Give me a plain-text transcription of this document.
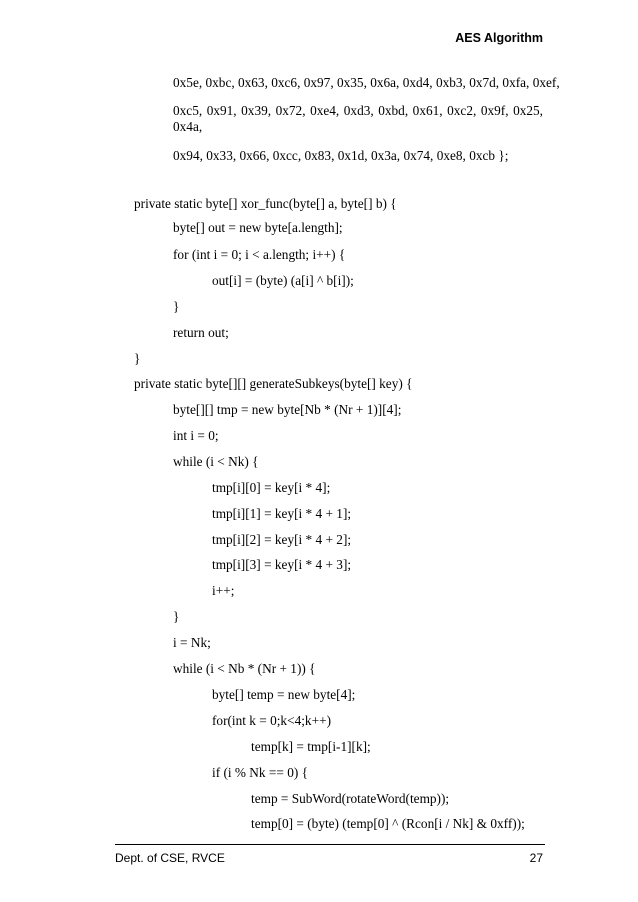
AES Algorithm
0x5e, 0xbc, 0x63, 0xc6, 0x97, 0x35, 0x6a, 0xd4, 0xb3, 0x7d, 0xfa, 0xef,
0xc5, 0x91, 0x39, 0x72, 0xe4, 0xd3, 0xbd, 0x61, 0xc2, 0x9f, 0x25,
0x4a,
0x94, 0x33, 0x66, 0xcc, 0x83, 0x1d, 0x3a, 0x74, 0xe8, 0xcb };
private static byte[] xor_func(byte[] a, byte[] b) {
byte[] out = new byte[a.length];
for (int i = 0; i < a.length; i++) {
out[i] = (byte) (a[i] ^ b[i]);
}
return out;
}
private static byte[][] generateSubkeys(byte[] key) {
byte[][] tmp = new byte[Nb * (Nr + 1)][4];
int i = 0;
while (i < Nk) {
tmp[i][0] = key[i * 4];
tmp[i][1] = key[i * 4 + 1];
tmp[i][2] = key[i * 4 + 2];
tmp[i][3] = key[i * 4 + 3];
i++;
}
i = Nk;
while (i < Nb * (Nr + 1)) {
byte[] temp = new byte[4];
for(int k = 0;k<4;k++)
temp[k] = tmp[i-1][k];
if (i % Nk == 0) {
temp = SubWord(rotateWord(temp));
temp[0] = (byte) (temp[0] ^ (Rcon[i / Nk] & 0xff));
Dept. of CSE, RVCE	27
